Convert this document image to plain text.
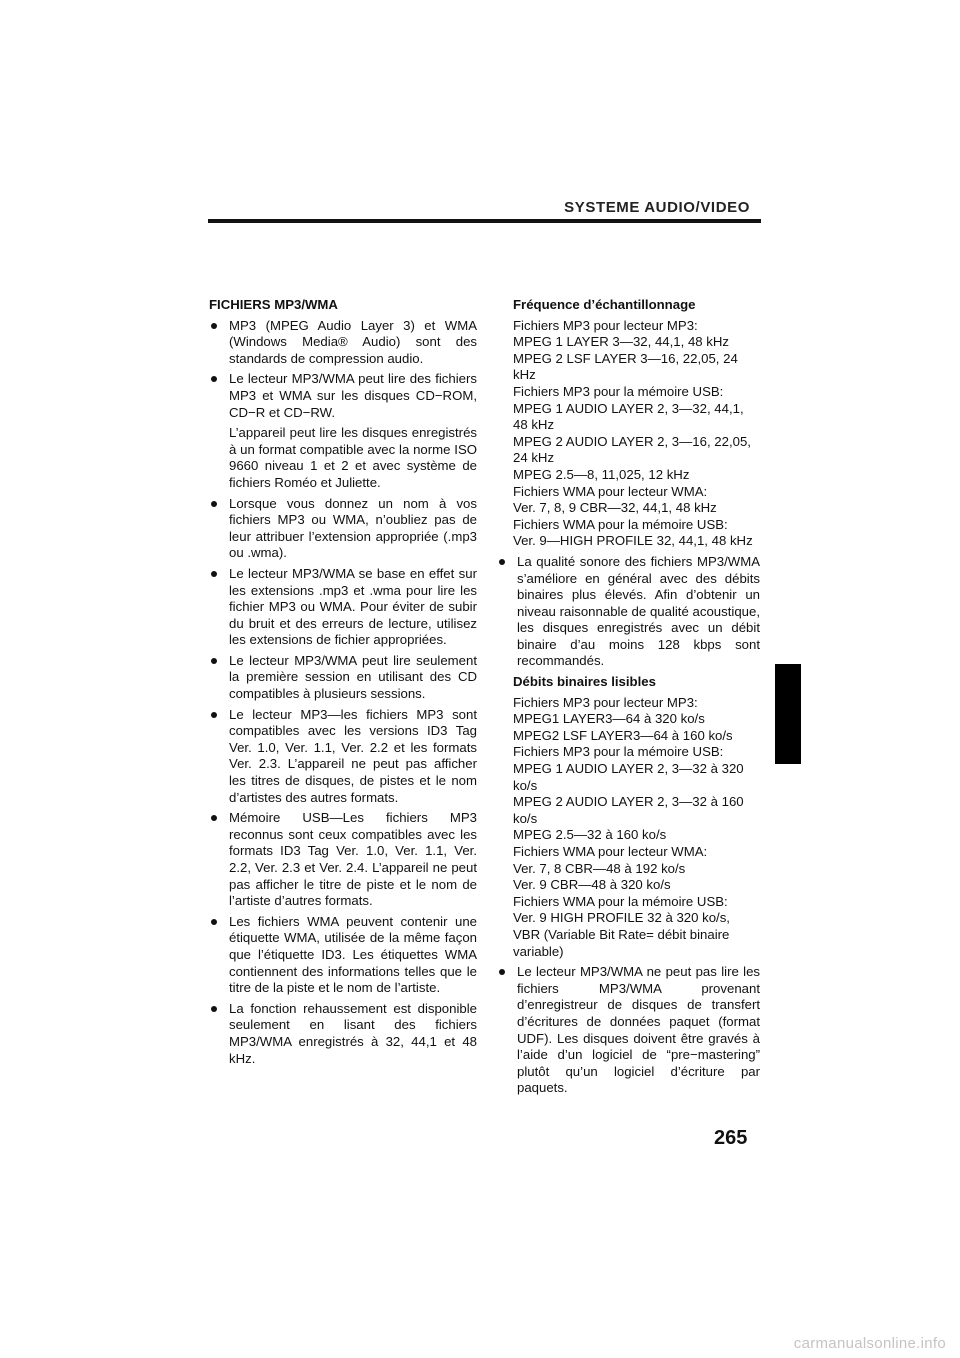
SYSTEME AUDIO/VIDEO
FICHIERS MP3/WMA
MP3 (MPEG Audio Layer 3) et WMA (Windows Media® Audio) sont des standards de compression audio.
Le lecteur MP3/WMA peut lire des fichiers MP3 et WMA sur les disques CD−ROM, CD−R et CD−RW.
L’appareil peut lire les disques enregistrés à un format compatible avec la norme ISO 9660 niveau 1 et 2 et avec système de fichiers Roméo et Juliette.
Lorsque vous donnez un nom à vos fichiers MP3 ou WMA, n’oubliez pas de leur attribuer l’extension appropriée (.mp3 ou .wma).
Le lecteur MP3/WMA se base en effet sur les extensions .mp3 et .wma pour lire les fichier MP3 ou WMA. Pour éviter de subir du bruit et des erreurs de lecture, utilisez les extensions de fichier appropriées.
Le lecteur MP3/WMA peut lire seulement la première session en utilisant des CD compatibles à plusieurs sessions.
Le lecteur MP3—les fichiers MP3 sont compatibles avec les versions ID3 Tag Ver. 1.0, Ver. 1.1, Ver. 2.2 et les formats Ver. 2.3. L’appareil ne peut pas afficher les titres de disques, de pistes et le nom d’artistes des autres formats.
Mémoire USB—Les fichiers MP3 reconnus sont ceux compatibles avec les formats ID3 Tag Ver. 1.0, Ver. 1.1, Ver. 2.2, Ver. 2.3 et Ver. 2.4. L’appareil ne peut pas afficher le titre de piste et le nom de l’artiste d’autres formats.
Les fichiers WMA peuvent contenir une étiquette WMA, utilisée de la même façon que l’étiquette ID3. Les étiquettes WMA contiennent des informations telles que le titre de la piste et le nom de l’artiste.
La fonction rehaussement est disponible seulement en lisant des fichiers MP3/WMA enregistrés à 32, 44,1 et 48 kHz.
Fréquence d’échantillonnage
Fichiers MP3 pour lecteur MP3:
MPEG 1 LAYER 3—32, 44,1, 48 kHz
MPEG 2 LSF LAYER 3—16, 22,05, 24 kHz
Fichiers MP3 pour la mémoire USB:
MPEG 1 AUDIO LAYER 2, 3—32, 44,1, 48 kHz
MPEG 2 AUDIO LAYER 2, 3—16, 22,05, 24 kHz
MPEG 2.5—8, 11,025, 12 kHz
Fichiers WMA pour lecteur WMA:
Ver. 7, 8, 9 CBR—32, 44,1, 48 kHz
Fichiers WMA pour la mémoire USB:
Ver. 9—HIGH PROFILE 32, 44,1, 48 kHz
La qualité sonore des fichiers MP3/WMA s’améliore en général avec des débits binaires plus élevés. Afin d’obtenir un niveau raisonnable de qualité acoustique, les disques enregistrés avec un débit binaire d’au moins 128 kbps sont recommandés.
Débits binaires lisibles
Fichiers MP3 pour lecteur MP3:
MPEG1 LAYER3—64 à 320 ko/s
MPEG2 LSF LAYER3—64 à 160 ko/s
Fichiers MP3 pour la mémoire USB:
MPEG 1 AUDIO LAYER 2, 3—32 à 320 ko/s
MPEG 2 AUDIO LAYER 2, 3—32 à 160 ko/s
MPEG 2.5—32 à 160 ko/s
Fichiers WMA pour lecteur WMA:
Ver. 7, 8 CBR—48 à 192 ko/s
Ver. 9 CBR—48 à 320 ko/s
Fichiers WMA pour la mémoire USB:
Ver. 9 HIGH PROFILE 32 à 320 ko/s, VBR (Variable Bit Rate= débit binaire variable)
Le lecteur MP3/WMA ne peut pas lire les fichiers MP3/WMA provenant d’enregistreur de disques de transfert d’écritures de données paquet (format UDF). Les disques doivent être gravés à l’aide d’un logiciel de “pre−mastering” plutôt qu’un logiciel d’écriture par paquets.
265
carmanualsonline.info
